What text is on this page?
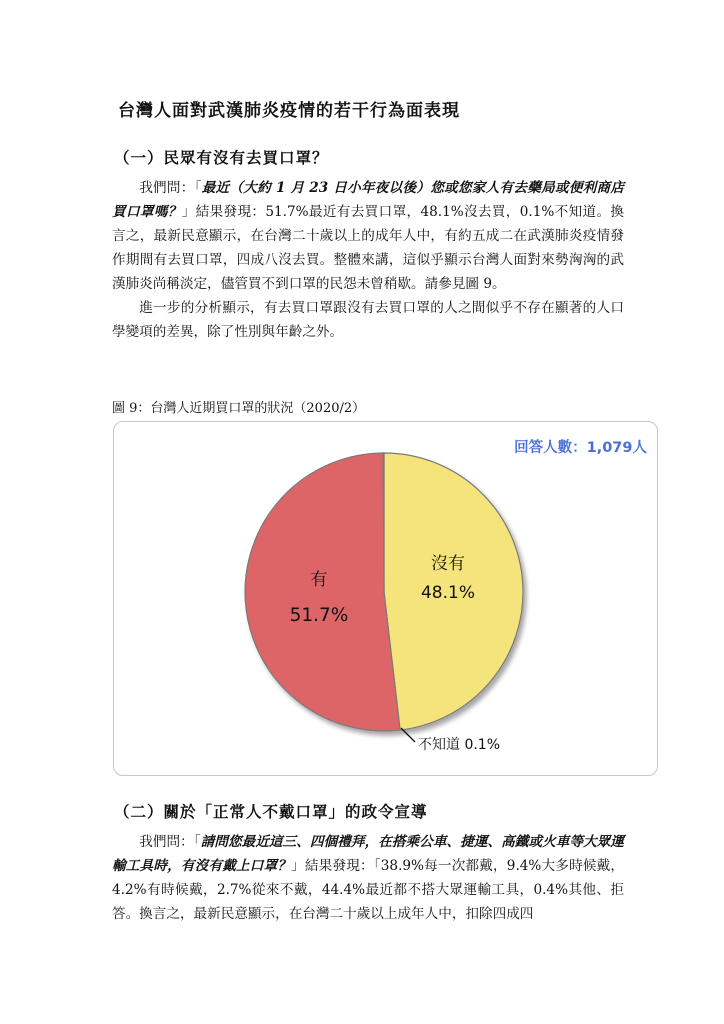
台灣人面對武漢肺炎疫情的若干行為面表現
（一）民眾有沒有去買口罩？

我們問：「最近（大約 1 月 23 日小年夜以後）您或您家人有去藥局或便利商店買口罩嗎？」結果發現：51.7%最近有去買口罩，48.1%沒去買，0.1%不知道。換言之，最新民意顯示，在台灣二十歲以上的成年人中，有約五成二在武漢肺炎疫情發作期間有去買口罩，四成八沒去買。整體來講，這似乎顯示台灣人面對來勢洶洶的武漢肺炎尚稱淡定，儘管買不到口罩的民怨未曾稍歇。請參見圖 9。

進一步的分析顯示，有去買口罩跟沒有去買口罩的人之間似乎不存在顯著的人口學變項的差異，除了性別與年齡之外。

圖 9：台灣人近期買口罩的狀況（2020/2）
回答人數：1,079人
沒有
48.1%
有
51.7%
不知道 0.1%
（二）關於「正常人不戴口罩」的政令宣導

我們問：「請問您最近這三、四個禮拜，在搭乘公車、捷運、高鐵或火車等大眾運輸工具時，有沒有戴上口罩？」結果發現：「38.9%每一次都戴，9.4%大多時候戴，4.2%有時候戴，2.7%從來不戴，44.4%最近都不搭大眾運輸工具，0.4%其他、拒答。換言之，最新民意顯示，在台灣二十歲以上成年人中，扣除四成四
